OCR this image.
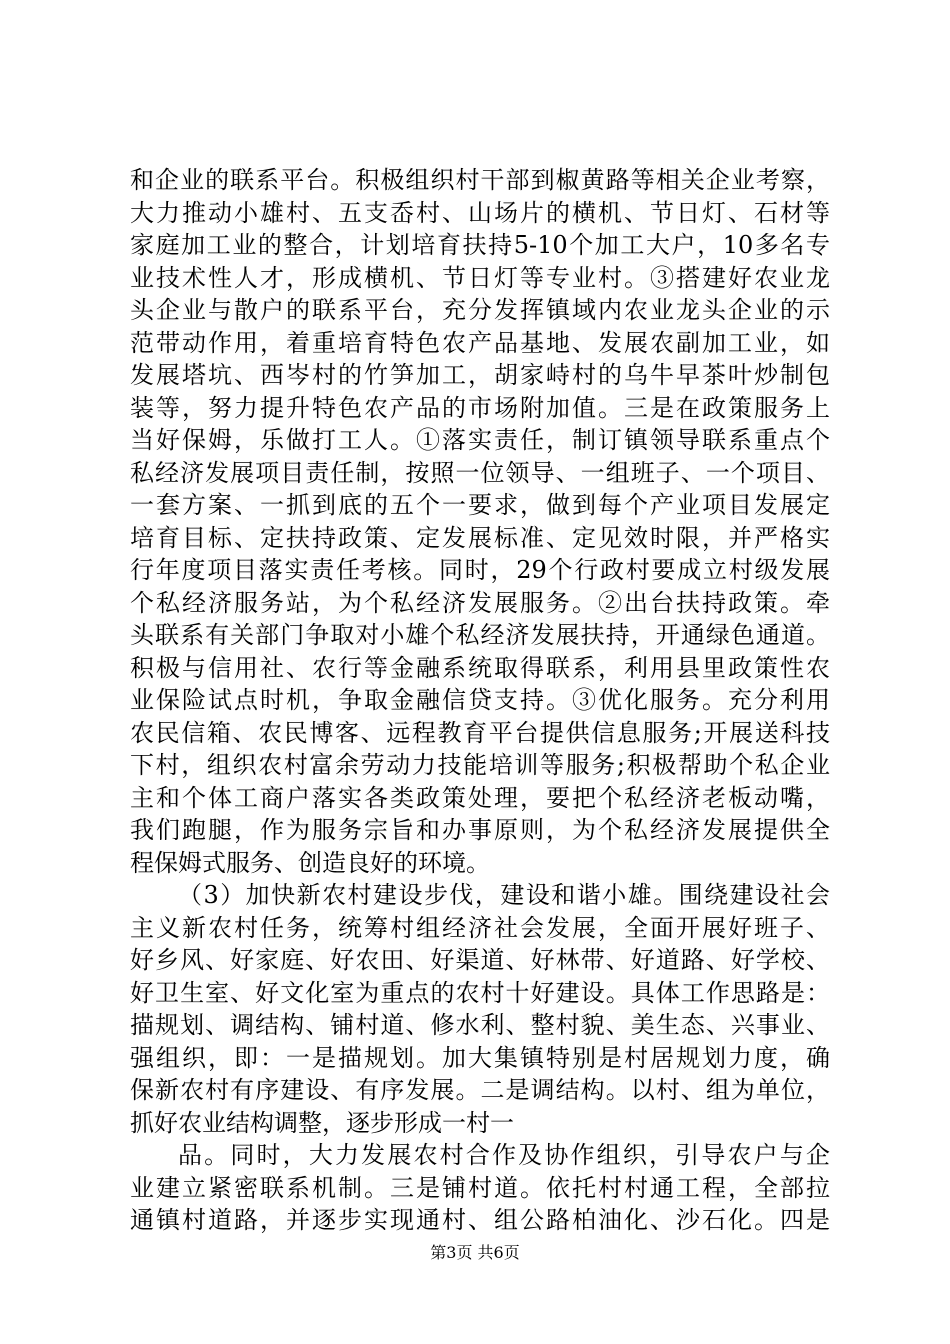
和企业的联系平台。积极组织村干部到椒黄路等相关企业考察，
大力推动小雄村、五支岙村、山场片的横机、节日灯、石材等
家庭加工业的整合，计划培育扶持5-10个加工大户，10多名专
业技术性人才，形成横机、节日灯等专业村。③搭建好农业龙
头企业与散户的联系平台，充分发挥镇域内农业龙头企业的示
范带动作用，着重培育特色农产品基地、发展农副加工业，如
发展塔坑、西岑村的竹笋加工，胡家峙村的乌牛早茶叶炒制包
装等，努力提升特色农产品的市场附加值。三是在政策服务上
当好保姆，乐做打工人。①落实责任，制订镇领导联系重点个
私经济发展项目责任制，按照一位领导、一组班子、一个项目、
一套方案、一抓到底的五个一要求，做到每个产业项目发展定
培育目标、定扶持政策、定发展标准、定见效时限，并严格实
行年度项目落实责任考核。同时，29个行政村要成立村级发展
个私经济服务站，为个私经济发展服务。②出台扶持政策。牵
头联系有关部门争取对小雄个私经济发展扶持，开通绿色通道。
积极与信用社、农行等金融系统取得联系，利用县里政策性农
业保险试点时机，争取金融信贷支持。③优化服务。充分利用
农民信箱、农民博客、远程教育平台提供信息服务;开展送科技
下村，组织农村富余劳动力技能培训等服务;积极帮助个私企业
主和个体工商户落实各类政策处理，要把个私经济老板动嘴，
我们跑腿，作为服务宗旨和办事原则，为个私经济发展提供全
程保姆式服务、创造良好的环境。
（3）加快新农村建设步伐，建设和谐小雄。围绕建设社会
主义新农村任务，统筹村组经济社会发展，全面开展好班子、
好乡风、好家庭、好农田、好渠道、好林带、好道路、好学校、
好卫生室、好文化室为重点的农村十好建设。具体工作思路是：
描规划、调结构、铺村道、修水利、整村貌、美生态、兴事业、
强组织，即：一是描规划。加大集镇特别是村居规划力度，确
保新农村有序建设、有序发展。二是调结构。以村、组为单位，
抓好农业结构调整，逐步形成一村一
品。同时，大力发展农村合作及协作组织，引导农户与企
业建立紧密联系机制。三是铺村道。依托村村通工程，全部拉
通镇村道路，并逐步实现通村、组公路柏油化、沙石化。四是
第3页 共6页
